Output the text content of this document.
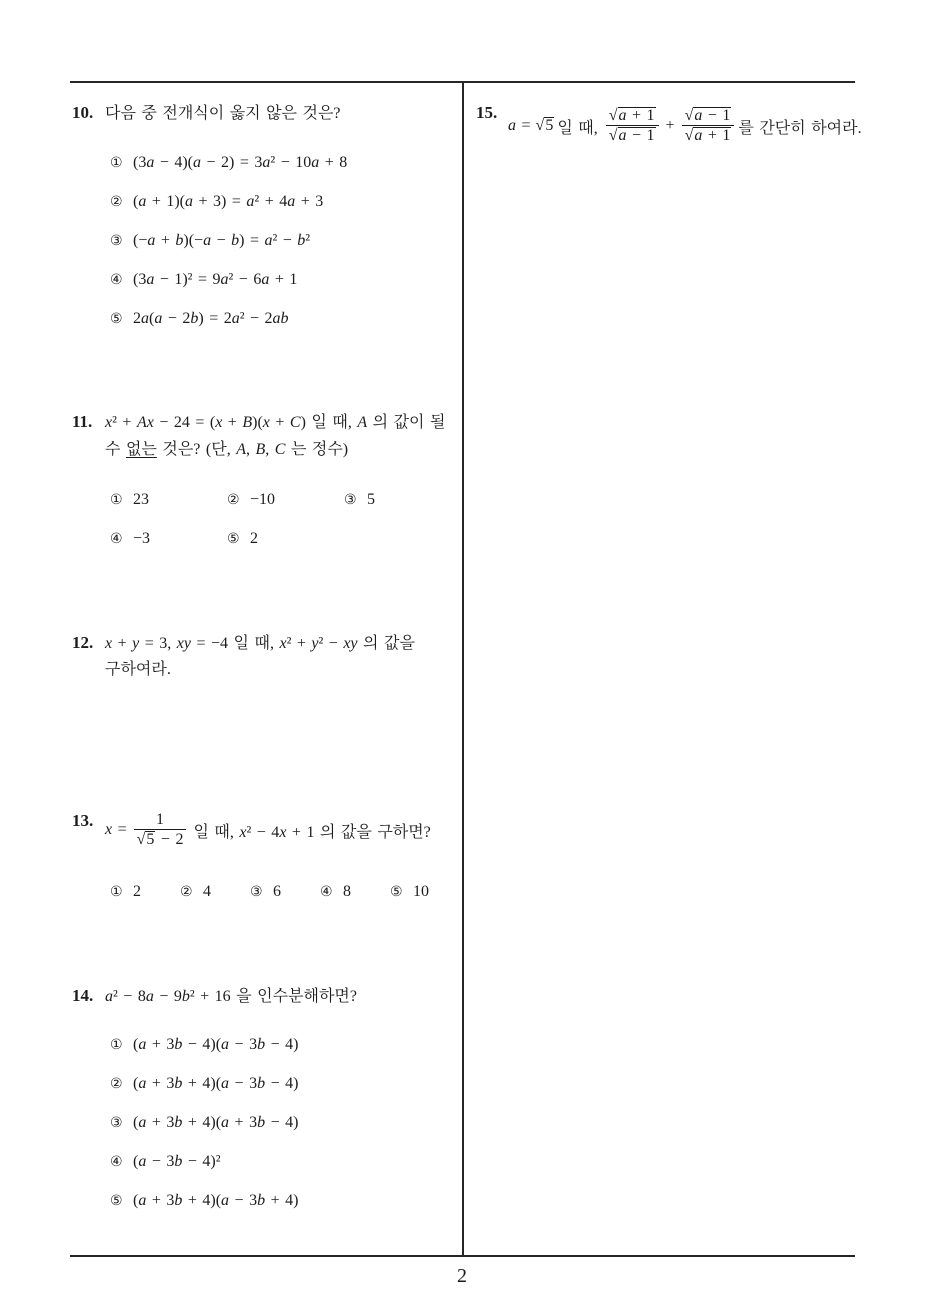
10. 다음 중 전개식이 옳지 않은 것은?
① (3a − 4)(a − 2) = 3a² − 10a + 8
② (a + 1)(a + 3) = a² + 4a + 3
③ (−a + b)(−a − b) = a² − b²
④ (3a − 1)² = 9a² − 6a + 1
⑤ 2a(a − 2b) = 2a² − 2ab
11. x² + Ax − 24 = (x + B)(x + C) 일 때, A 의 값이 될
수 없는 것은? (단, A, B, C 는 정수)
① 23	② −10	③ 5
④ −3	⑤ 2
12. x + y = 3, xy = −4 일 때, x² + y² − xy 의 값을
구하여라.
13. $x = \frac{1}{√5 - 2}$ 일 때, x² − 4x + 1 의 값을 구하면?
① 2	② 4	③ 6	④ 8	⑤ 10
14. a² − 8a − 9b² + 16 을 인수분해하면?
① (a + 3b − 4)(a − 3b − 4)
② (a + 3b + 4)(a − 3b − 4)
③ (a + 3b + 4)(a + 3b − 4)
④ (a − 3b − 4)²
⑤ (a + 3b + 4)(a − 3b + 4)
15.
a = √5 일 때, $\frac{√a + 1}{√a - 1} + \frac{√a - 1}{√a + 1}$ 를 간단히 하여라.
2
